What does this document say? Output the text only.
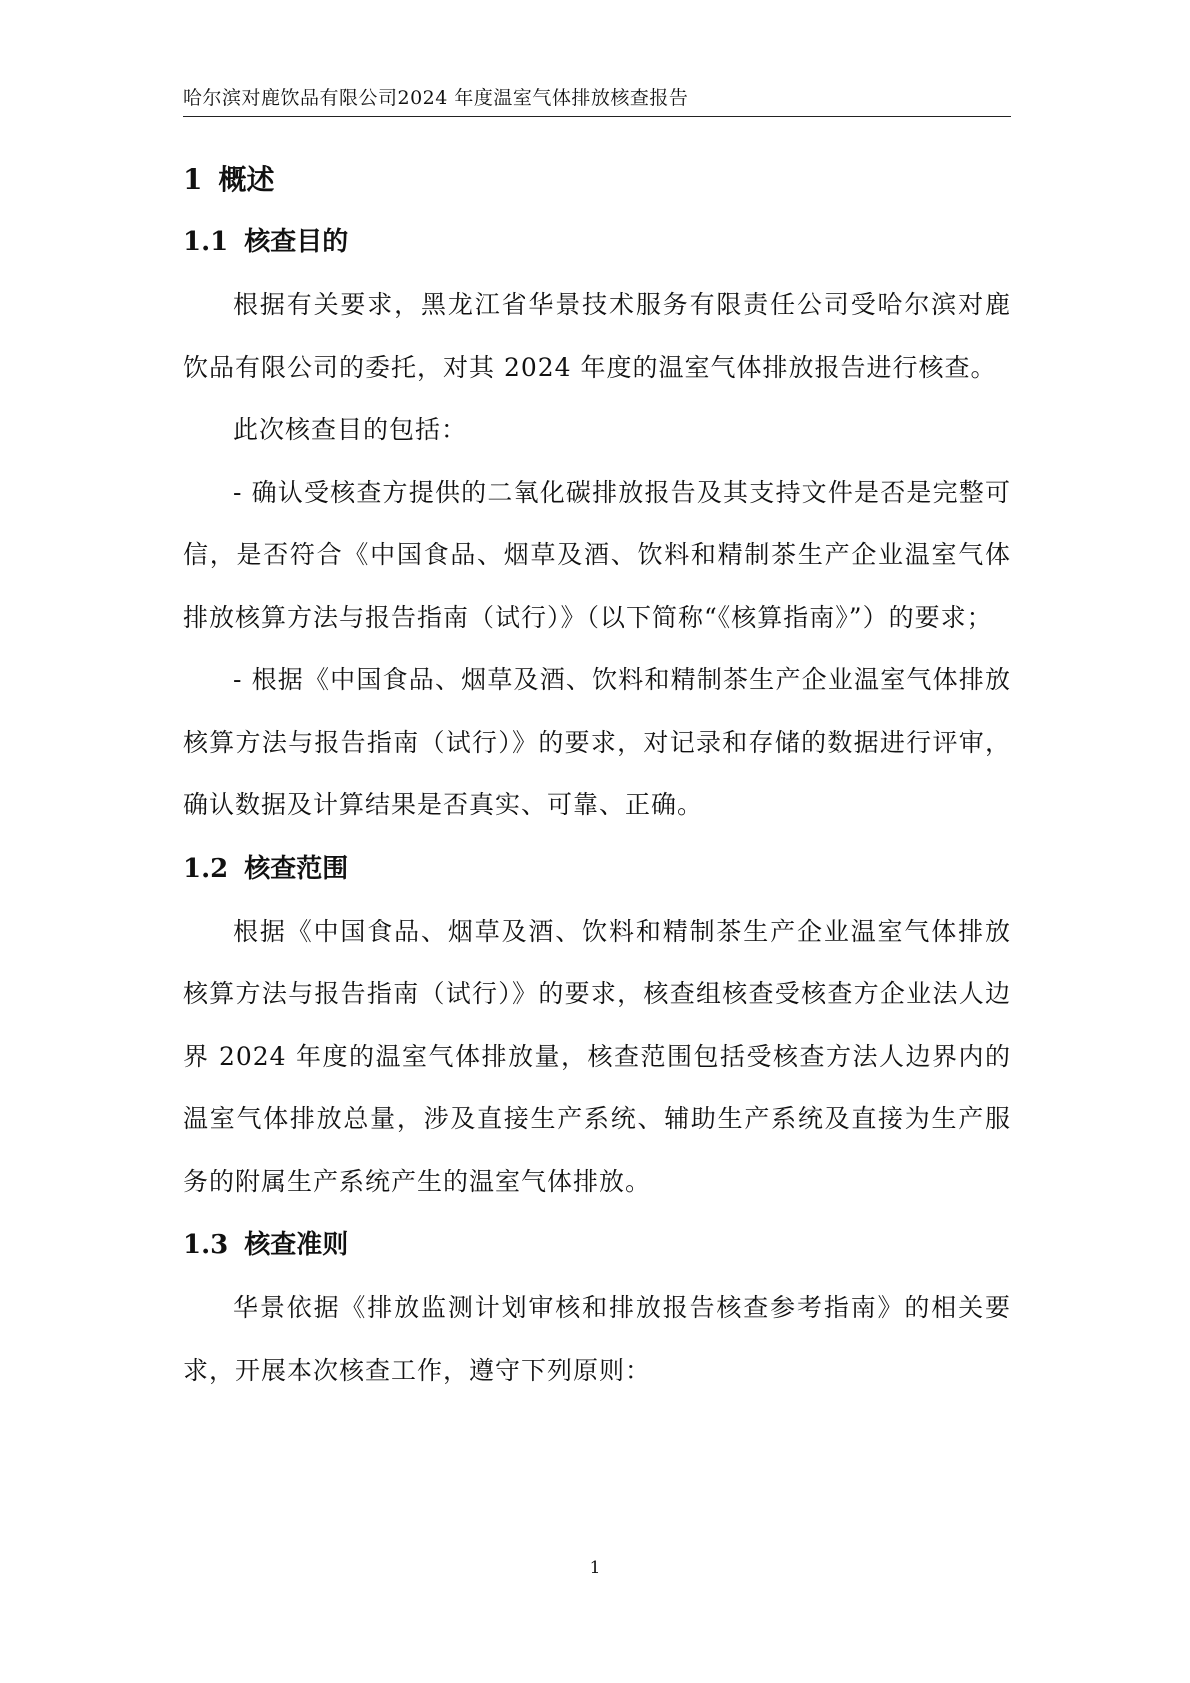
哈尔滨对鹿饮品有限公司2024 年度温室气体排放核查报告
1 概述
1.1 核查目的

根据有关要求，黑龙江省华景技术服务有限责任公司受哈尔滨对鹿饮品有限公司的委托，对其 2024 年度的温室气体排放报告进行核查。

此次核查目的包括：

- 确认受核查方提供的二氧化碳排放报告及其支持文件是否是完整可信，是否符合《中国食品、烟草及酒、饮料和精制茶生产企业温室气体排放核算方法与报告指南（试行）》（以下简称“《核算指南》”）的要求；

- 根据《中国食品、烟草及酒、饮料和精制茶生产企业温室气体排放核算方法与报告指南（试行）》的要求，对记录和存储的数据进行评审，确认数据及计算结果是否真实、可靠、正确。

1.2 核查范围

根据《中国食品、烟草及酒、饮料和精制茶生产企业温室气体排放核算方法与报告指南（试行）》的要求，核查组核查受核查方企业法人边界 2024 年度的温室气体排放量，核查范围包括受核查方法人边界内的温室气体排放总量，涉及直接生产系统、辅助生产系统及直接为生产服务的附属生产系统产生的温室气体排放。

1.3 核查准则

华景依据《排放监测计划审核和排放报告核查参考指南》的相关要求，开展本次核查工作，遵守下列原则：

1
